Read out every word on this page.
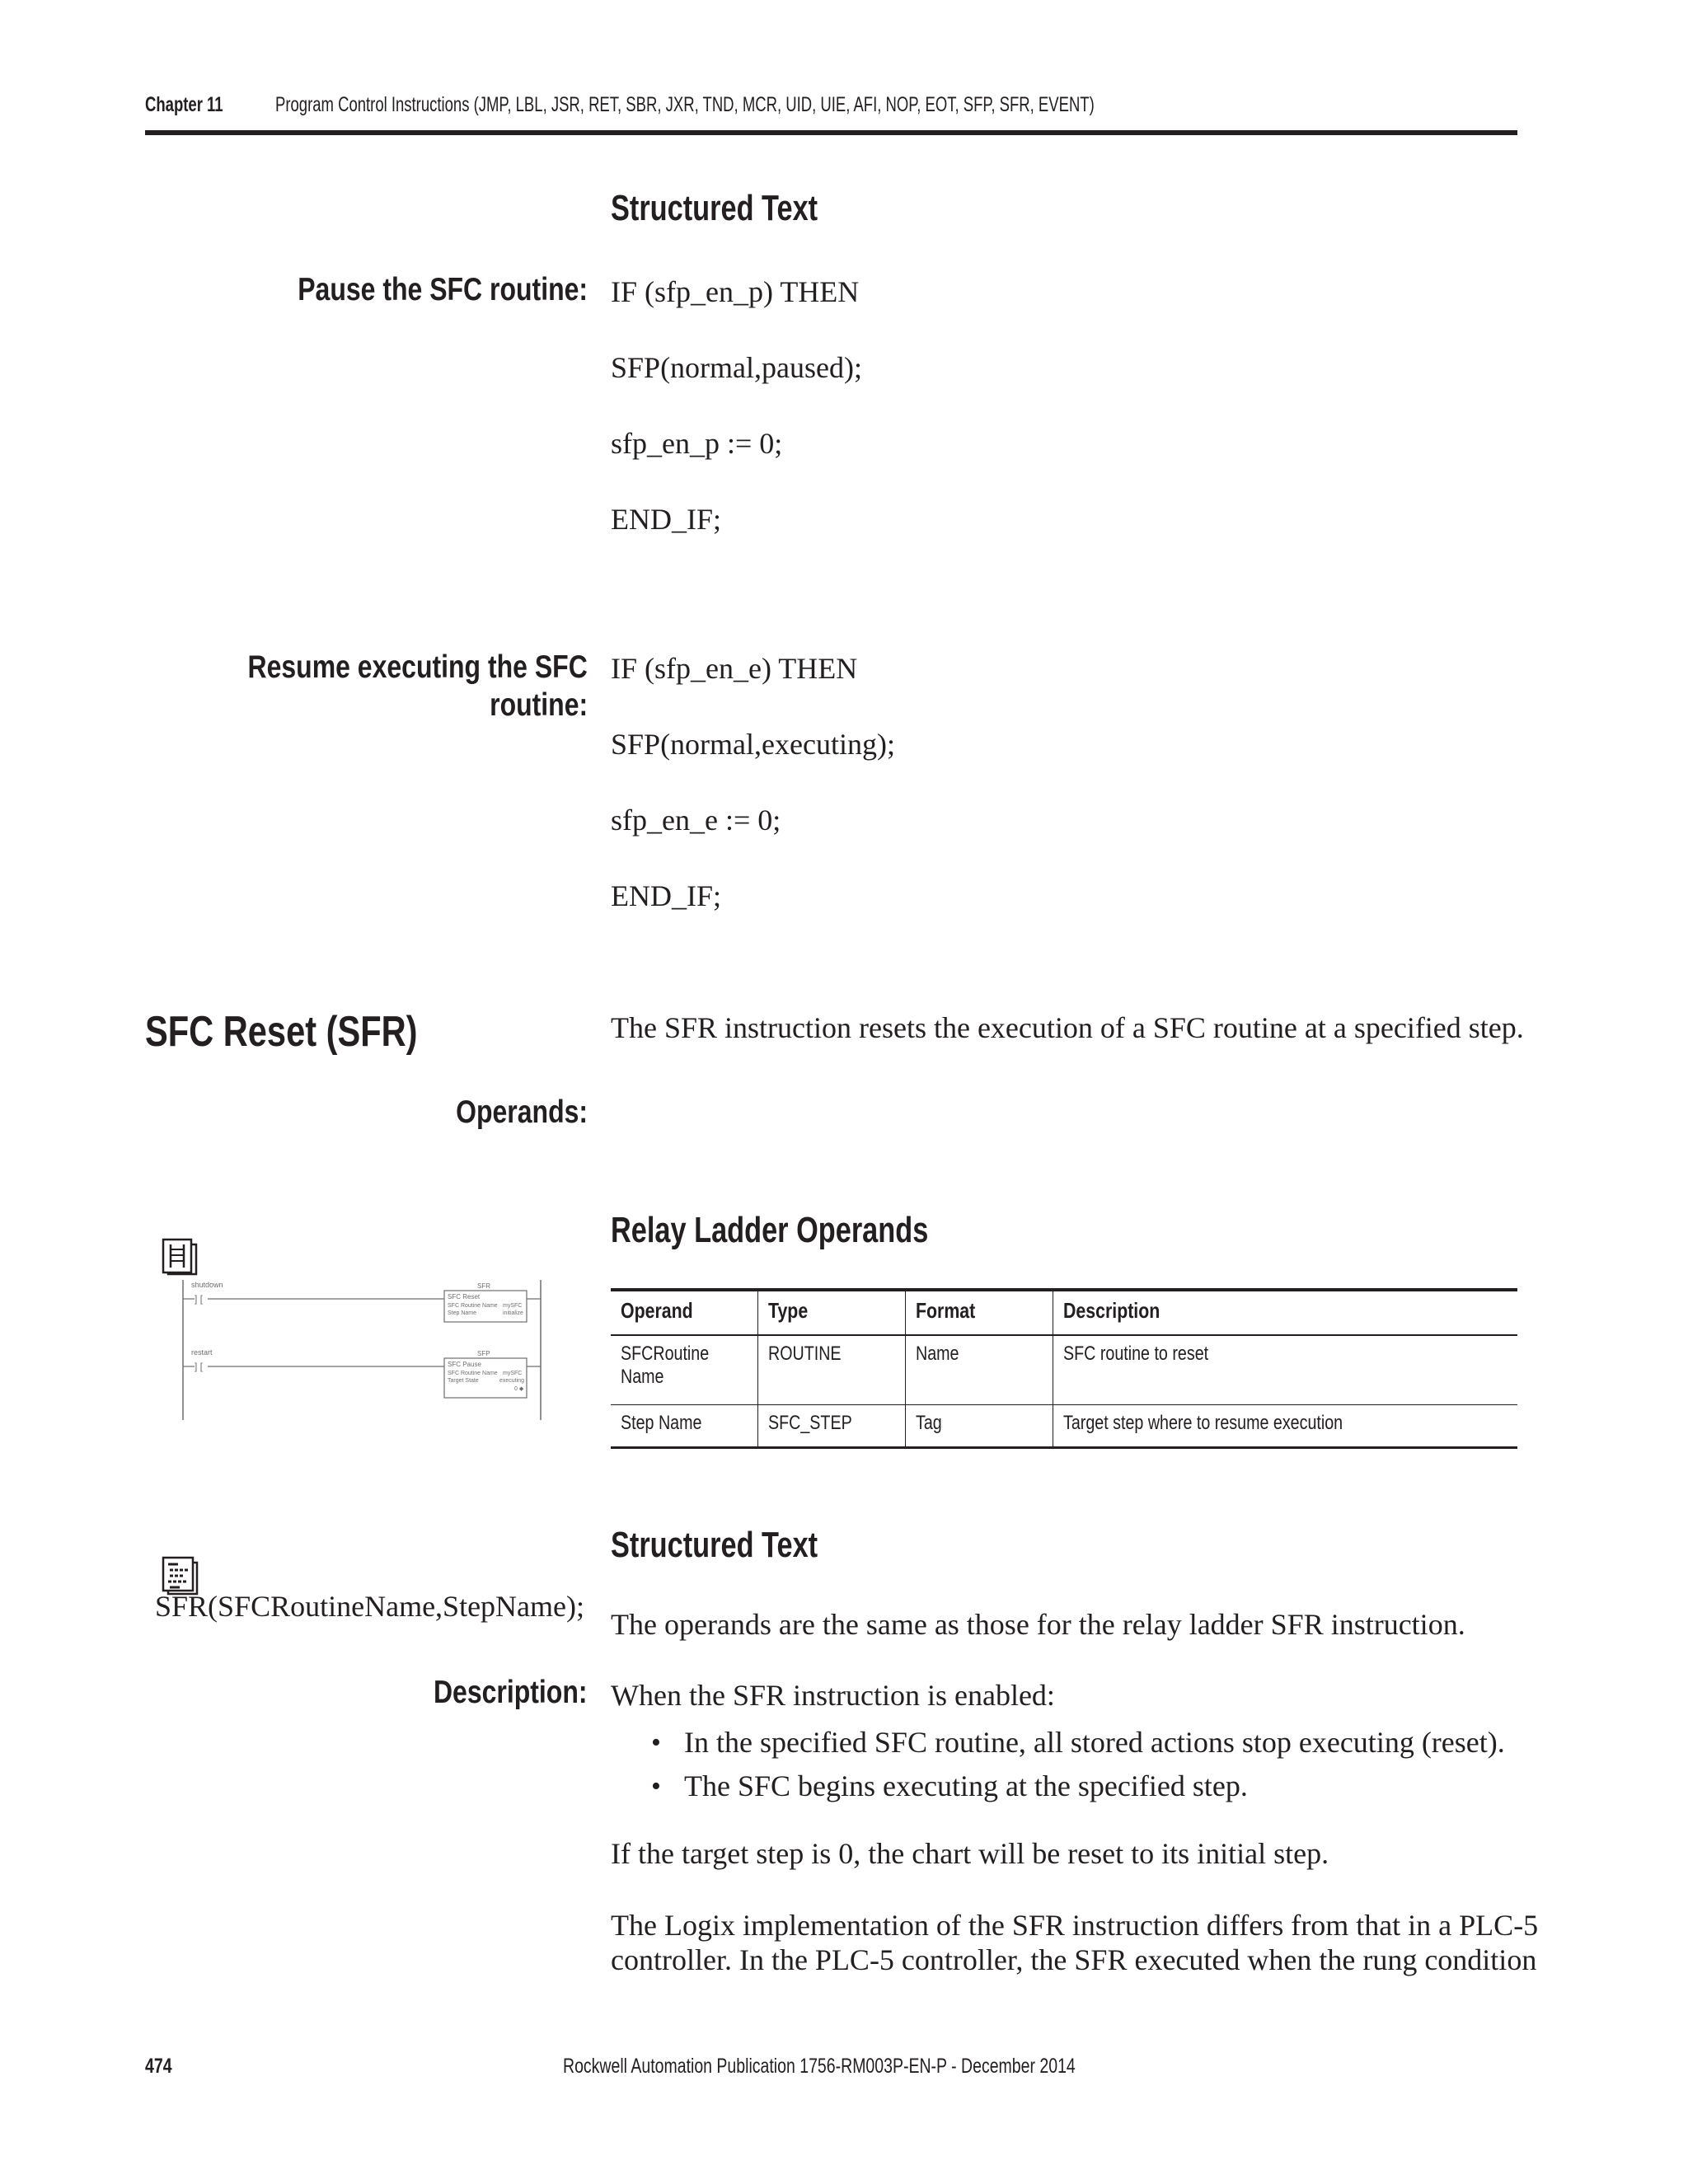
Chapter 11	Program Control Instructions (JMP, LBL, JSR, RET, SBR, JXR, TND, MCR, UID, UIE, AFI, NOP, EOT, SFP, SFR, EVENT)
Structured Text
Pause the SFC routine: IF (sfp_en_p) THEN
SFP(normal,paused);
sfp_en_p := 0;
END_IF;
Resume executing the SFC
routine:
IF (sfp_en_e) THEN
SFP(normal,executing);
sfp_en_e := 0;
END_IF;
SFC Reset (SFR)	The SFR instruction resets the execution of a SFC routine at a specified step.
Operands:
shutdown
] [
SFR
SFC Reset
SFC Routine Name mySFC
Step Name	initialize
restart
] [
SFP
SFC Pause
SFC Routine Name mySFC
Target State	executing
0 ◆
Relay Ladder Operands
Operand	Type	Format	Description
SFCRoutine Name	ROUTINE	Name	SFC routine to reset
Step Name	SFC_STEP	Tag	Target step where to resume execution
SFR(SFCRoutineName,StepName);
Structured Text
The operands are the same as those for the relay ladder SFR instruction.
Description: When the SFR instruction is enabled:
• In the specified SFC routine, all stored actions stop executing (reset).
• The SFC begins executing at the specified step.
If the target step is 0, the chart will be reset to its initial step.
The Logix implementation of the SFR instruction differs from that in a PLC-5
controller. In the PLC-5 controller, the SFR executed when the rung condition
474	Rockwell Automation Publication 1756-RM003P-EN-P - December 2014
